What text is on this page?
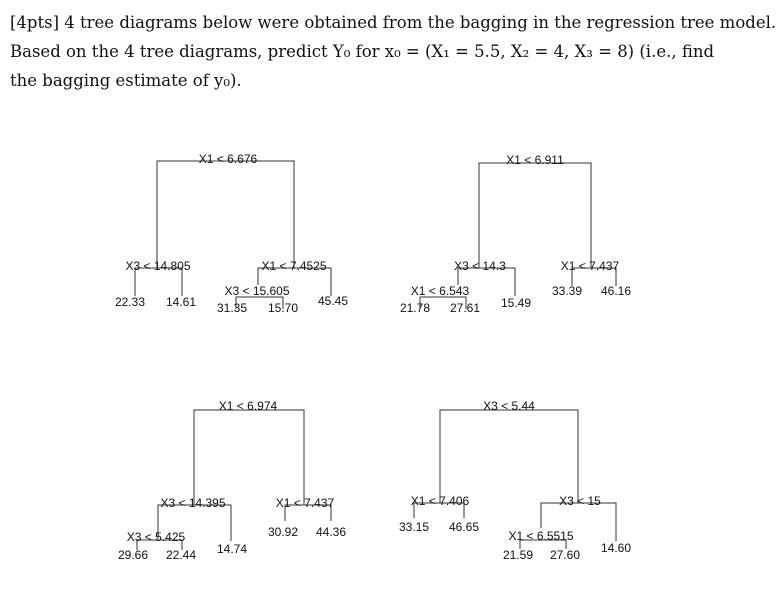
[4pts] 4 tree diagrams below were obtained from the bagging in the regression tree model.
Based on the 4 tree diagrams, predict Y₀ for x₀ = (X₁ = 5.5, X₂ = 4, X₃ = 8) (i.e., find
the bagging estimate of y₀).
X1 < 6.676
X3 < 14.805	X1 < 7.4525
X3 < 15.605
22.33 14.61 31.35 15.70 45.45
X1 < 6.911
X3 < 14.3	X1 < 7.437
X1 < 6.543
21.78 27.61 15.49
33.39 46.16
X1 < 6.974
X3 < 14.395	X1 < 7.437
X3 < 5.425
29.66 22.44 14.74
30.92 44.36
X3 < 5.44
X1 < 7.406	X3 < 15
X1 < 6.5515
33.15 46.65
21.59 27.60 14.60
